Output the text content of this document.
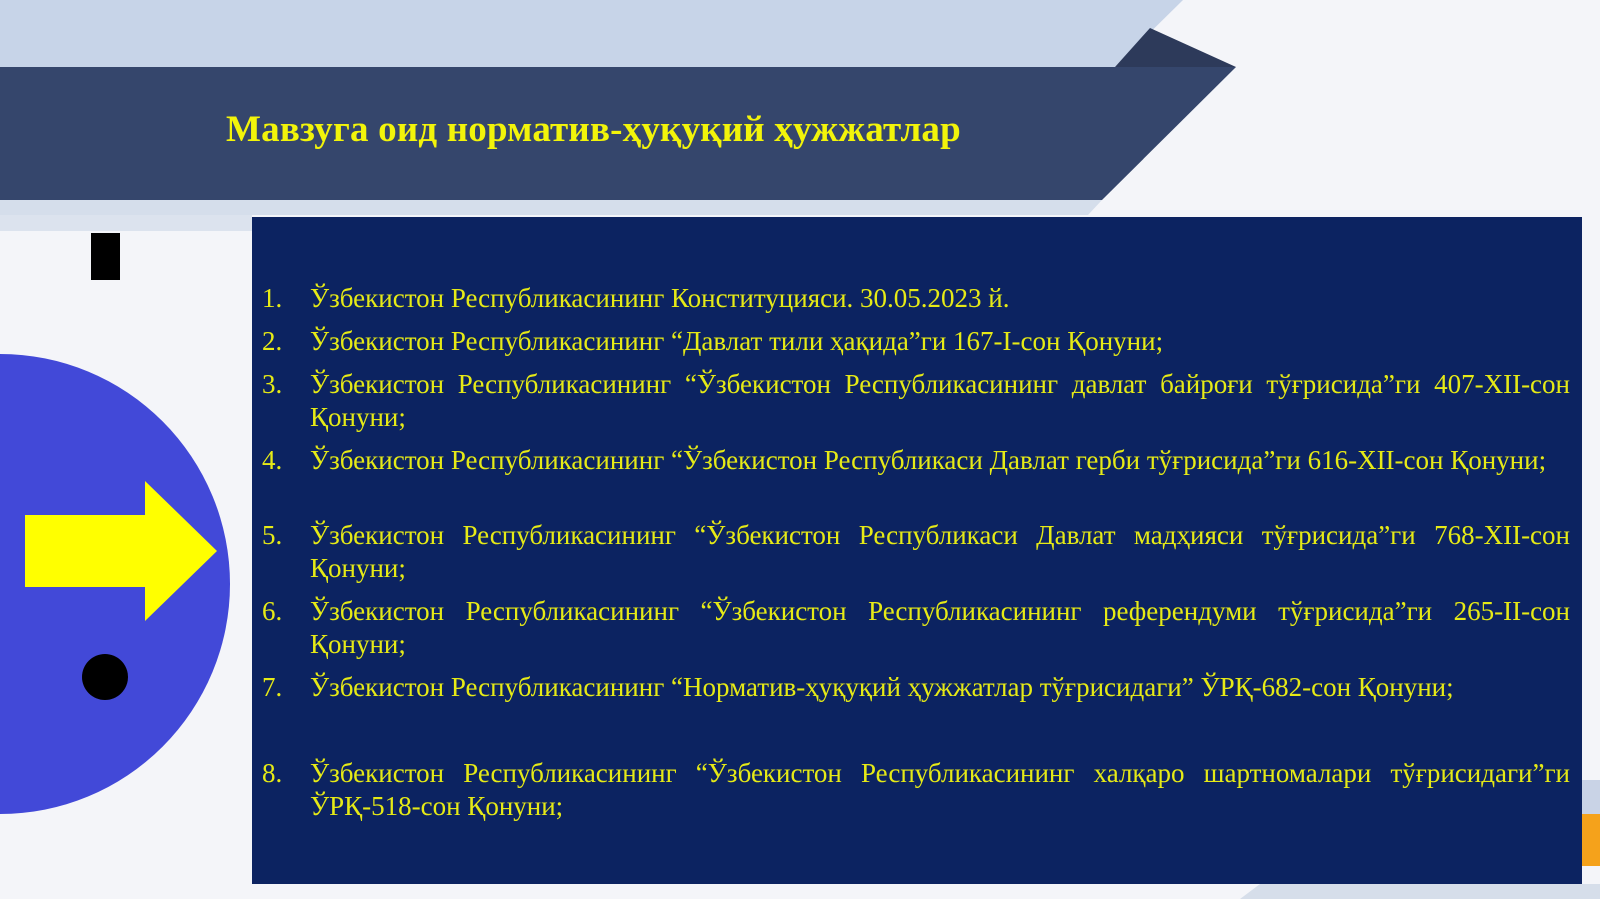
Мавзуга оид норматив-ҳуқуқий ҳужжатлар
1.	Ўзбекистон Республикасининг Конституцияси. 30.05.2023 й.
2.	Ўзбекистон Республикасининг “Давлат тили ҳақида”ги 167-I-сон Қонуни;
3.	Ўзбекистон Республикасининг “Ўзбекистон Республикасининг давлат байроғи тўғрисида”ги 407-XII-сон Қонуни;
4.	Ўзбекистон Республикасининг “Ўзбекистон Республикаси Давлат герби тўғрисида”ги 616-XII-сон Қонуни;
5.	Ўзбекистон Республикасининг “Ўзбекистон Республикаси Давлат мадҳияси тўғрисида”ги 768-XII-сон Қонуни;
6.	Ўзбекистон Республикасининг “Ўзбекистон Республикасининг референдуми тўғрисида”ги 265-II-сон Қонуни;
7.	Ўзбекистон Республикасининг “Норматив-ҳуқуқий ҳужжатлар тўғрисидаги” ЎРҚ-682-сон Қонуни;
8.	Ўзбекистон Республикасининг “Ўзбекистон Республикасининг халқаро шартномалари тўғрисидаги”ги ЎРҚ-518-сон Қонуни;
